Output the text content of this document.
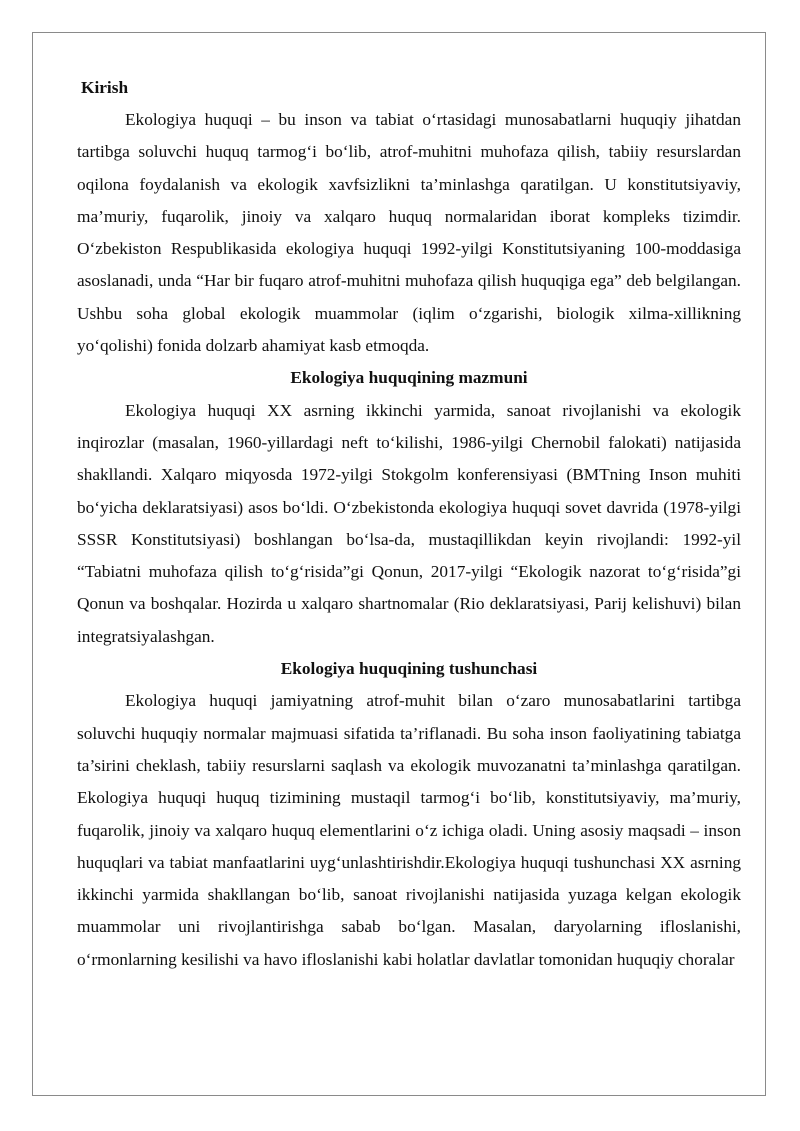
Kirish

Ekologiya huquqi – bu inson va tabiat o‘rtasidagi munosabatlarni huquqiy jihatdan tartibga soluvchi huquq tarmog‘i bo‘lib, atrof-muhitni muhofaza qilish, tabiiy resurslardan oqilona foydalanish va ekologik xavfsizlikni ta’minlashga qaratilgan. U konstitutsiyaviy, ma’muriy, fuqarolik, jinoiy va xalqaro huquq normalaridan iborat kompleks tizimdir. O‘zbekiston Respublikasida ekologiya huquqi 1992-yilgi Konstitutsiyaning 100-moddasiga asoslanadi, unda “Har bir fuqaro atrof-muhitni muhofaza qilish huquqiga ega” deb belgilangan. Ushbu soha global ekologik muammolar (iqlim o‘zgarishi, biologik xilma-xillikning yo‘qolishi) fonida dolzarb ahamiyat kasb etmoqda.

Ekologiya huquqining mazmuni

Ekologiya huquqi XX asrning ikkinchi yarmida, sanoat rivojlanishi va ekologik inqirozlar (masalan, 1960-yillardagi neft to‘kilishi, 1986-yilgi Chernobil falokati) natijasida shakllandi. Xalqaro miqyosda 1972-yilgi Stokgolm konferensiyasi (BMTning Inson muhiti bo‘yicha deklaratsiyasi) asos bo‘ldi. O‘zbekistonda ekologiya huquqi sovet davrida (1978-yilgi SSSR Konstitutsiyasi) boshlangan bo‘lsa-da, mustaqillikdan keyin rivojlandi: 1992-yil “Tabiatni muhofaza qilish to‘g‘risida”gi Qonun, 2017-yilgi “Ekologik nazorat to‘g‘risida”gi Qonun va boshqalar. Hozirda u xalqaro shartnomalar (Rio deklaratsiyasi, Parij kelishuvi) bilan integratsiyalashgan.

Ekologiya huquqining tushunchasi

Ekologiya huquqi jamiyatning atrof-muhit bilan o‘zaro munosabatlarini tartibga soluvchi huquqiy normalar majmuasi sifatida ta’riflanadi. Bu soha inson faoliyatining tabiatga ta’sirini cheklash, tabiiy resurslarni saqlash va ekologik muvozanatni ta’minlashga qaratilgan. Ekologiya huquqi huquq tizimining mustaqil tarmog‘i bo‘lib, konstitutsiyaviy, ma’muriy, fuqarolik, jinoiy va xalqaro huquq elementlarini o‘z ichiga oladi. Uning asosiy maqsadi – inson huquqlari va tabiat manfaatlarini uyg‘unlashtirishdir.Ekologiya huquqi tushunchasi XX asrning ikkinchi yarmida shakllangan bo‘lib, sanoat rivojlanishi natijasida yuzaga kelgan ekologik muammolar uni rivojlantirishga sabab bo‘lgan. Masalan, daryolarning ifloslanishi, o‘rmonlarning kesilishi va havo ifloslanishi kabi holatlar davlatlar tomonidan huquqiy choralar
